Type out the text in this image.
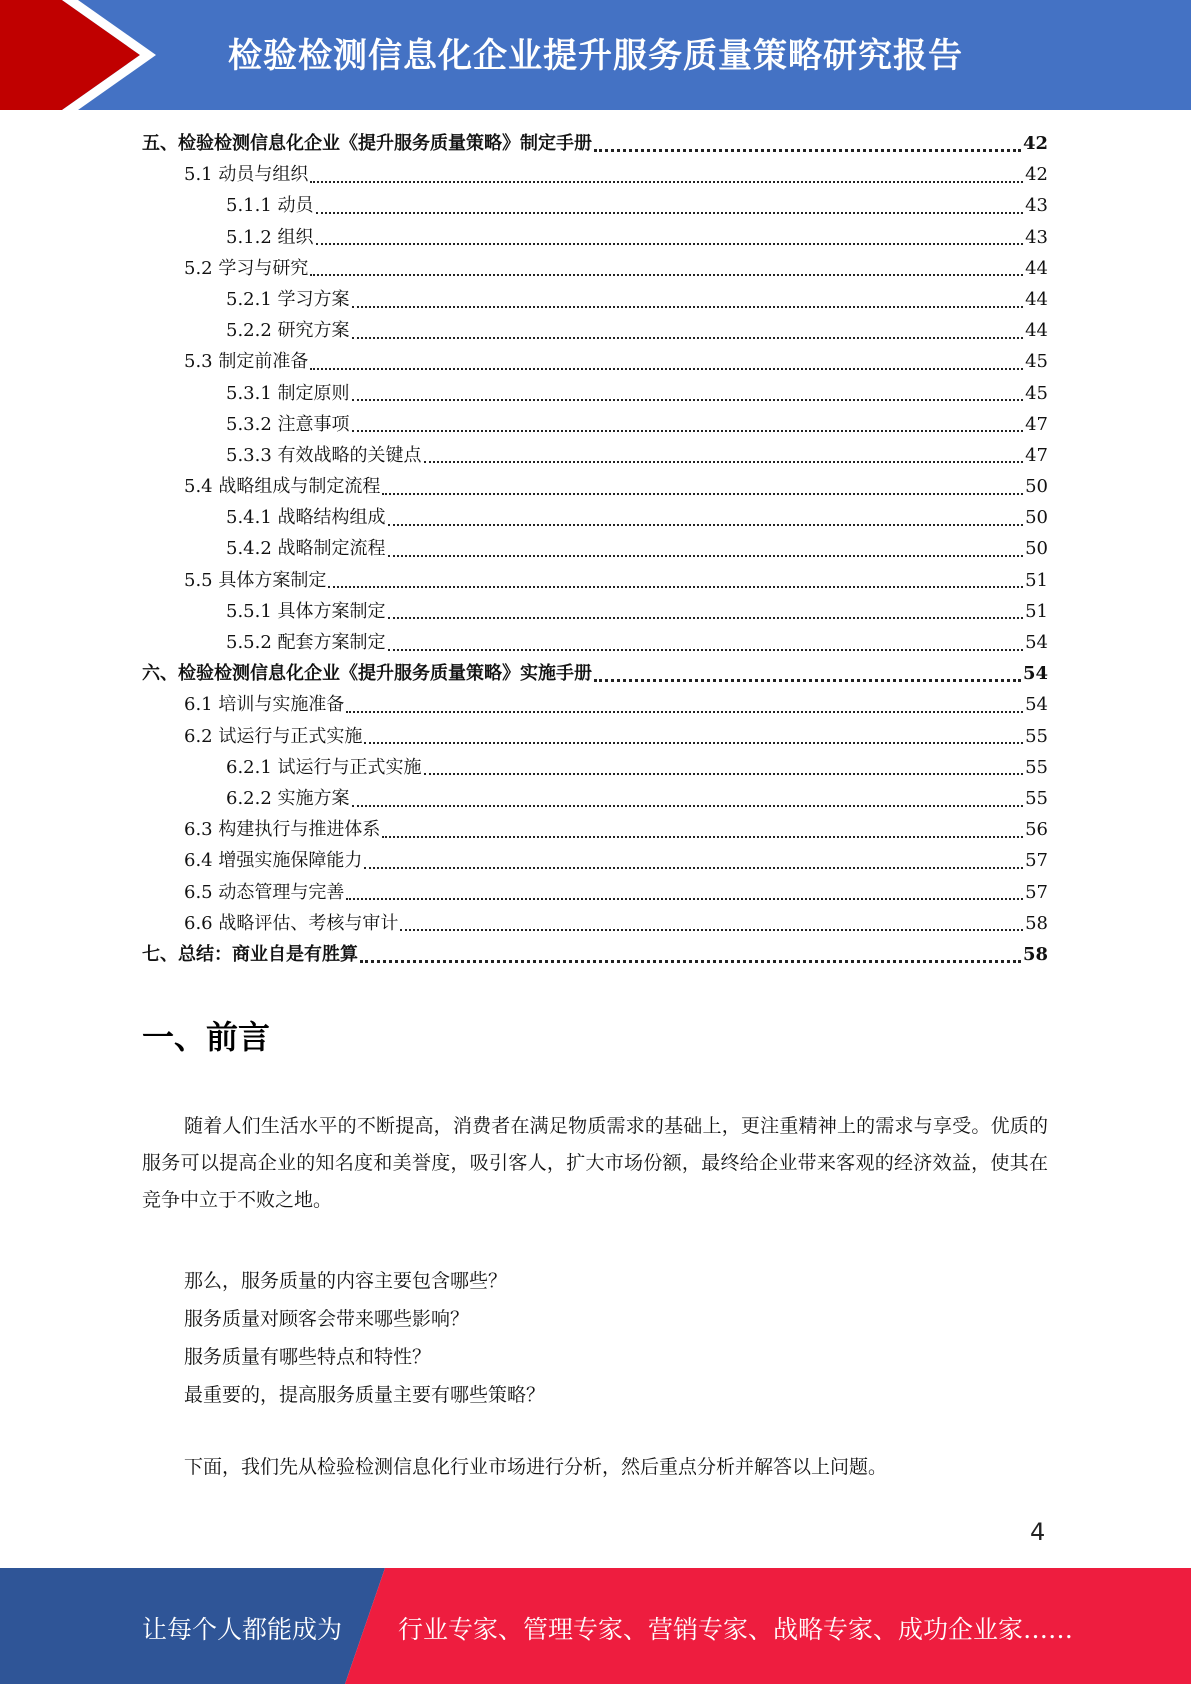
检验检测信息化企业提升服务质量策略研究报告
五、检验检测信息化企业《提升服务质量策略》制定手册	42
5.1 动员与组织	42
5.1.1 动员	43
5.1.2 组织	43
5.2 学习与研究	44
5.2.1 学习方案	44
5.2.2 研究方案	44
5.3 制定前准备	45
5.3.1 制定原则	45
5.3.2 注意事项	47
5.3.3 有效战略的关键点	47
5.4 战略组成与制定流程	50
5.4.1 战略结构组成	50
5.4.2 战略制定流程	50
5.5 具体方案制定	51
5.5.1 具体方案制定	51
5.5.2 配套方案制定	54
六、检验检测信息化企业《提升服务质量策略》实施手册	54
6.1 培训与实施准备	54
6.2 试运行与正式实施	55
6.2.1 试运行与正式实施	55
6.2.2 实施方案	55
6.3 构建执行与推进体系	56
6.4 增强实施保障能力	57
6.5 动态管理与完善	57
6.6 战略评估、考核与审计	58
七、总结：商业自是有胜算	58
一、前言
随着人们生活水平的不断提高，消费者在满足物质需求的基础上，更注重精神上的需求与享受。优质的服务可以提高企业的知名度和美誉度，吸引客人，扩大市场份额，最终给企业带来客观的经济效益，使其在竞争中立于不败之地。
那么，服务质量的内容主要包含哪些？
服务质量对顾客会带来哪些影响？
服务质量有哪些特点和特性？
最重要的，提高服务质量主要有哪些策略？
下面，我们先从检验检测信息化行业市场进行分析，然后重点分析并解答以上问题。
4
让每个人都能成为 行业专家、管理专家、营销专家、战略专家、成功企业家……
